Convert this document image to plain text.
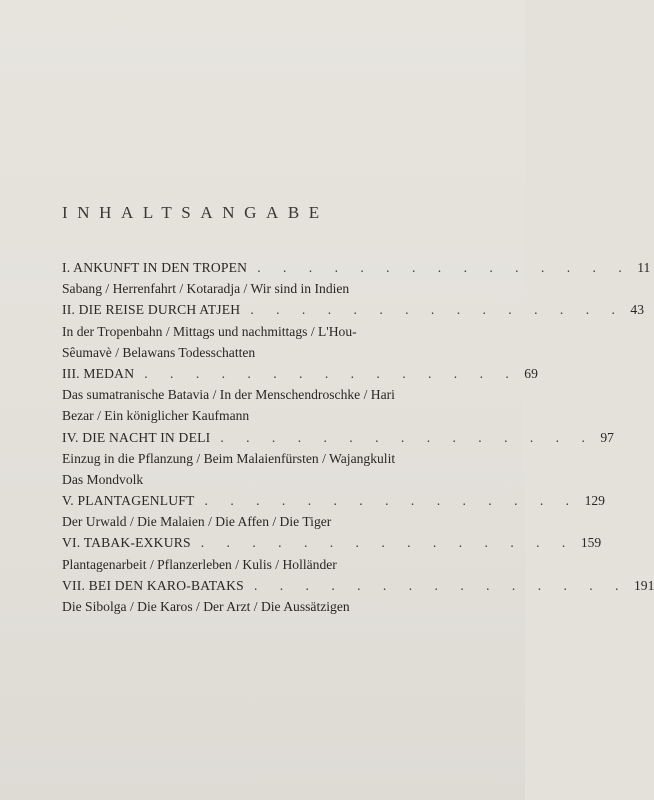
INHALTSANGABE
I. ANKUNFT IN DEN TROPEN . . . . . . . . . . . . . . . 11
Sabang / Herrenfahrt / Kotaradja / Wir sind in Indien
II. DIE REISE DURCH ATJEH . . . . . . . . . . . . . . . 43
In der Tropenbahn / Mittags und nachmittags / L'Hou-
Sêumavè / Belawans Todesschatten
III. MEDAN . . . . . . . . . . . . . . . 69
Das sumatranische Batavia / In der Menschendroschke / Hari
Bezar / Ein königlicher Kaufmann
IV. DIE NACHT IN DELI . . . . . . . . . . . . . . . 97
Einzug in die Pflanzung / Beim Malaienfürsten / Wajangkulit
Das Mondvolk
V. PLANTAGENLUFT . . . . . . . . . . . . . . . 129
Der Urwald / Die Malaien / Die Affen / Die Tiger
VI. TABAK-EXKURS . . . . . . . . . . . . . . . 159
Plantagenarbeit / Pflanzerleben / Kulis / Holländer
VII. BEI DEN KARO-BATAKS . . . . . . . . . . . . . . . 191
Die Sibolga / Die Karos / Der Arzt / Die Aussätzigen
